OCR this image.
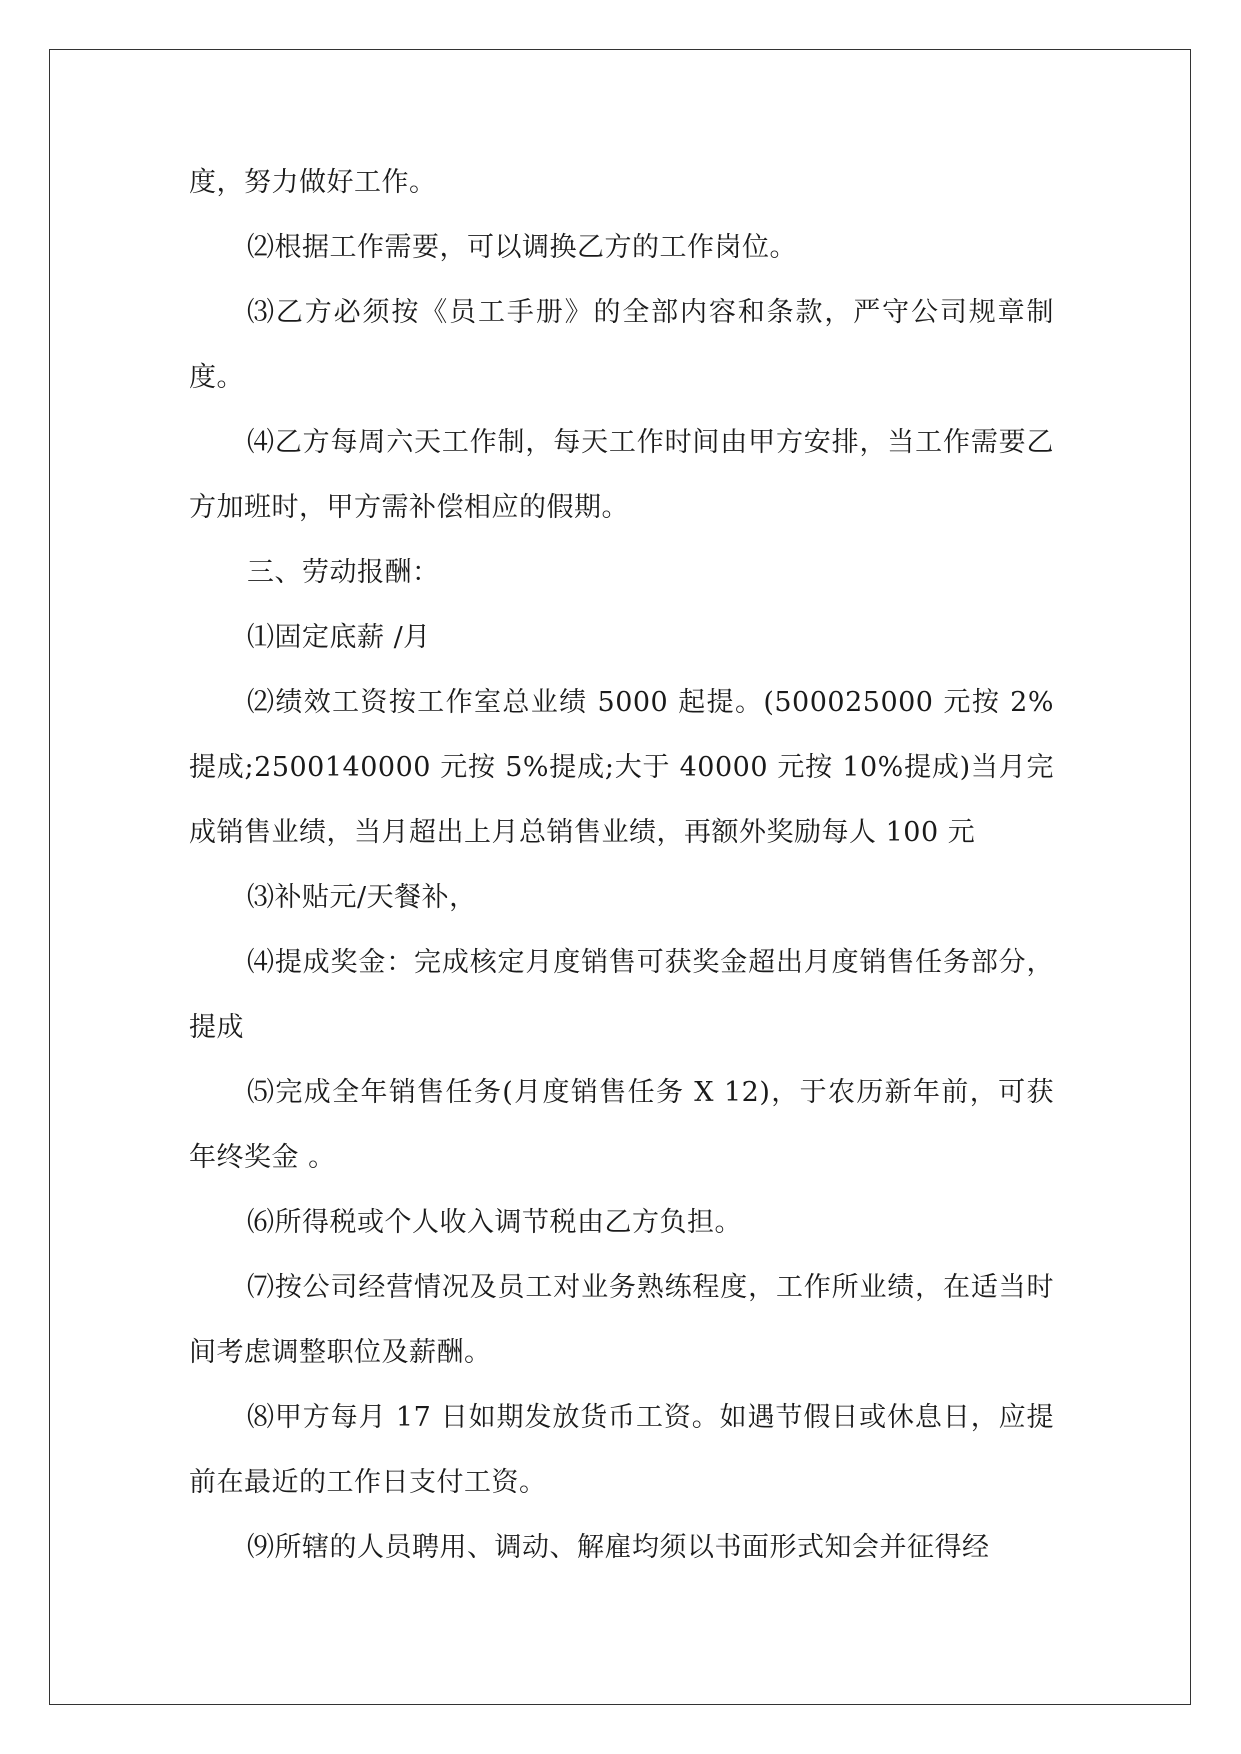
度，努力做好工作。

⑵根据工作需要，可以调换乙方的工作岗位。

⑶乙方必须按《员工手册》的全部内容和条款，严守公司规章制度。

⑷乙方每周六天工作制，每天工作时间由甲方安排，当工作需要乙方加班时，甲方需补偿相应的假期。

三、劳动报酬：

⑴固定底薪 /月

⑵绩效工资按工作室总业绩 5000 起提。(500025000 元按 2%提成;2500140000 元按 5%提成;大于 40000 元按 10%提成)当月完成销售业绩，当月超出上月总销售业绩，再额外奖励每人 100 元

⑶补贴元/天餐补，

⑷提成奖金：完成核定月度销售可获奖金超出月度销售任务部分，提成

⑸完成全年销售任务(月度销售任务 X 12)，于农历新年前，可获年终奖金 。

⑹所得税或个人收入调节税由乙方负担。

⑺按公司经营情况及员工对业务熟练程度，工作所业绩，在适当时间考虑调整职位及薪酬。

⑻甲方每月 17 日如期发放货币工资。如遇节假日或休息日，应提前在最近的工作日支付工资。

⑼所辖的人员聘用、调动、解雇均须以书面形式知会并征得经
